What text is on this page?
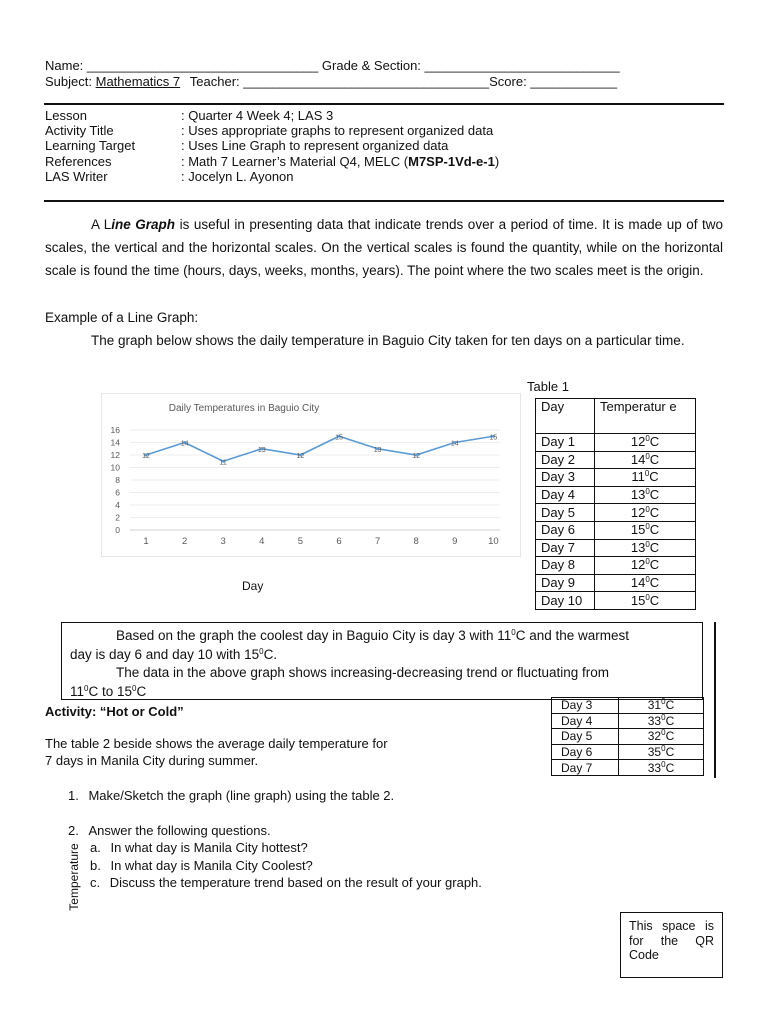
Name: ________________________________ Grade & Section: ___________________________
Subject: Mathematics 7 Teacher: __________________________________Score: ____________
Lesson	: Quarter 4 Week 4; LAS 3
Activity Title	: Uses appropriate graphs to represent organized data
Learning Target	: Uses Line Graph to represent organized data
References	: Math 7 Learner’s Material Q4, MELC (M7SP-1Vd-e-1)
LAS Writer	: Jocelyn L. Ayonon
A Line Graph is useful in presenting data that indicate trends over a period of time. It is made up of two scales, the vertical and the horizontal scales. On the vertical scales is found the quantity, while on the horizontal scale is found the time (hours, days, weeks, months, years). The point where the two scales meet is the origin.
Example of a Line Graph:
The graph below shows the daily temperature in Baguio City taken for ten days on a particular time.
0
2
4
6
8
10
12
14
16
1	2	3	4	5	6	7	8	9	10
12
14
11
13
12
15
13
12
14
15
Daily Temperatures in Baguio City
Temperature
Day
Table 1
Day	Temperatur e
Day 1	$12^0C$
Day 2	$14^0C$
Day 3	$11^0C$
Day 4	$13^0C$
Day 5	$12^0C$
Day 6	$15^0C$
Day 7	$13^0C$
Day 8	$12^0C$
Day 9	$14^0C$
Day 10	$15^0C$
Based on the graph the coolest day in Baguio City is day 3 with $11^0C$ and the warmest
day is day 6 and day 10 with $15^0C$.
The data in the above graph shows increasing-decreasing trend or fluctuating from
$11^0C$ to $15^0C$
Activity: “Hot or Cold”
The table 2 beside shows the average daily temperature for
7 days in Manila City during summer.
Day 3	$31^0C$
Day 4	$33^0C$
Day 5	$32^0C$
Day 6	$35^0C$
Day 7	$33^0C$
1. Make/Sketch the graph (line graph) using the table 2.
2. Answer the following questions.
a. In what day is Manila City hottest?
b. In what day is Manila City Coolest?
c. Discuss the temperature trend based on the result of your graph.
This space is for the QR Code
